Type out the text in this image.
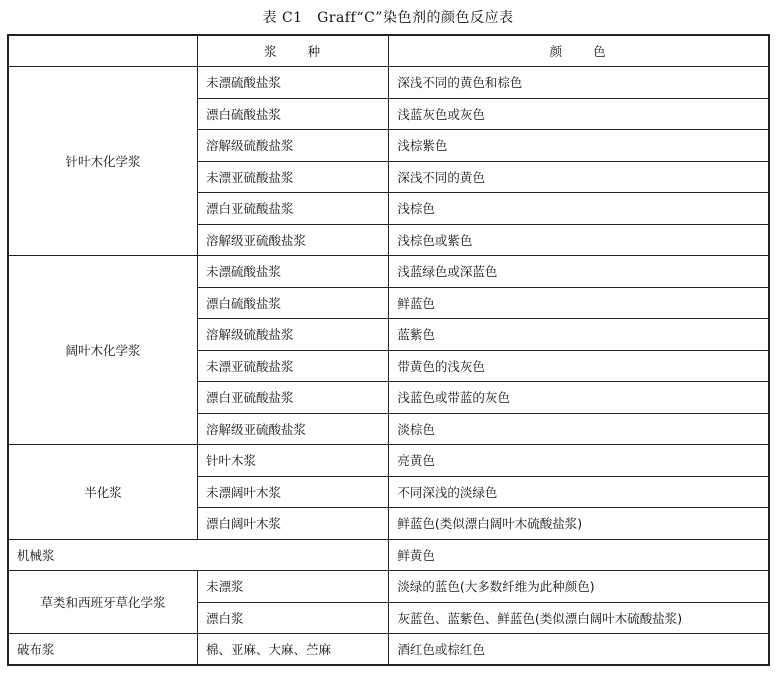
表 C1　Graff“C”染色剂的颜色反应表
	浆　　种	颜　　色
针叶木化学浆	未漂硫酸盐浆	深浅不同的黄色和棕色
	漂白硫酸盐浆	浅蓝灰色或灰色
	溶解级硫酸盐浆	浅棕紫色
	未漂亚硫酸盐浆	深浅不同的黄色
	漂白亚硫酸盐浆	浅棕色
	溶解级亚硫酸盐浆	浅棕色或紫色
阔叶木化学浆	未漂硫酸盐浆	浅蓝绿色或深蓝色
	漂白硫酸盐浆	鲜蓝色
	溶解级硫酸盐浆	蓝紫色
	未漂亚硫酸盐浆	带黄色的浅灰色
	漂白亚硫酸盐浆	浅蓝色或带蓝的灰色
	溶解级亚硫酸盐浆	淡棕色
半化浆	针叶木浆	亮黄色
	未漂阔叶木浆	不同深浅的淡绿色
	漂白阔叶木浆	鲜蓝色(类似漂白阔叶木硫酸盐浆)
机械浆		鲜黄色
草类和西班牙草化学浆	未漂浆	淡绿的蓝色(大多数纤维为此种颜色)
	漂白浆	灰蓝色、蓝紫色、鲜蓝色(类似漂白阔叶木硫酸盐浆)
破布浆	棉、亚麻、大麻、苎麻	酒红色或棕红色
